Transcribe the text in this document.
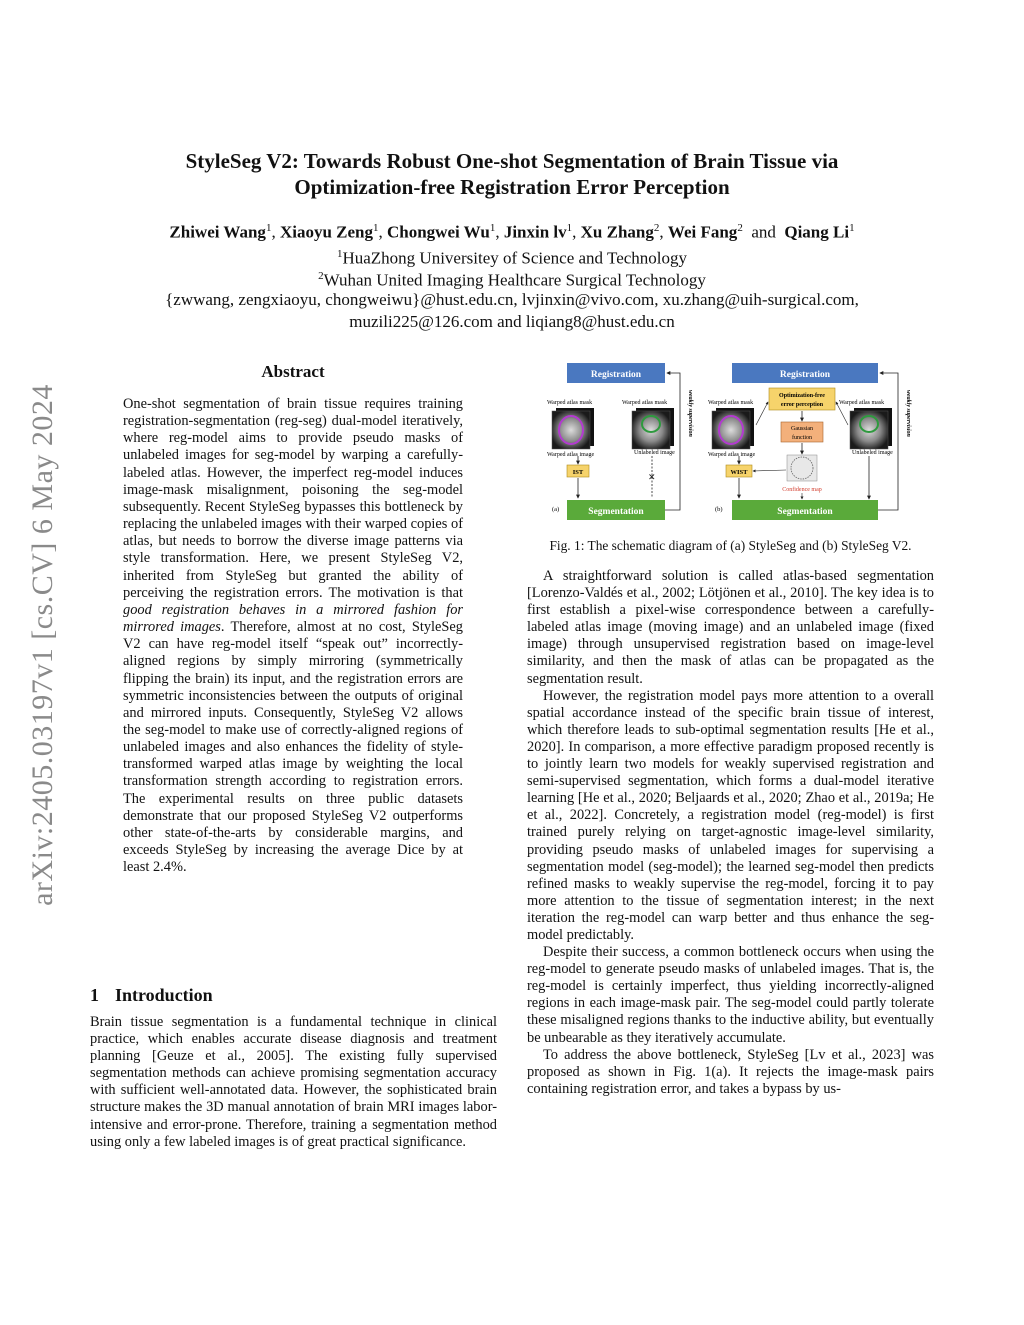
arXiv:2405.03197v1 [cs.CV] 6 May 2024
StyleSeg V2: Towards Robust One-shot Segmentation of Brain Tissue via
Optimization-free Registration Error Perception
Zhiwei Wang$^1$, Xiaoyu Zeng$^1$, Chongwei Wu$^1$, Jinxin $lv^1$, Xu Zhang$^2$, Wei Fang$^2$ and Qiang Li$^1$
$^1$HuaZhong Universitey of Science and Technology
$^2$Wuhan United Imaging Healthcare Surgical Technology
{zwwang, zengxiaoyu, chongweiwu}@hust.edu.cn, lvjinxin@vivo.com, xu.zhang@uih-surgical.com,
muzili225@126.com and liqiang8@hust.edu.cn
Abstract
One-shot segmentation of brain tissue requires training registration-segmentation (reg-seg) dual-model iteratively, where reg-model aims to provide pseudo masks of unlabeled images for seg-model by warping a carefully-labeled atlas. However, the imperfect reg-model induces image-mask misalignment, poisoning the seg-model subsequently. Recent StyleSeg bypasses this bottleneck by replacing the unlabeled images with their warped copies of atlas, but needs to borrow the diverse image patterns via style transformation. Here, we present StyleSeg V2, inherited from StyleSeg but granted the ability of perceiving the registration errors. The motivation is that good registration behaves in a mirrored fashion for mirrored images. Therefore, almost at no cost, StyleSeg V2 can have reg-model itself “speak out” incorrectly-aligned regions by simply mirroring (symmetrically flipping the brain) its input, and the registration errors are symmetric inconsistencies between the outputs of original and mirrored inputs. Consequently, StyleSeg V2 allows the seg-model to make use of correctly-aligned regions of unlabeled images and also enhances the fidelity of style-transformed warped atlas image by weighting the local transformation strength according to registration errors. The experimental results on three public datasets demonstrate that our proposed StyleSeg V2 outperforms other state-of-the-arts by considerable margins, and exceeds StyleSeg by increasing the average Dice by at least 2.4%.
1 Introduction

Brain tissue segmentation is a fundamental technique in clinical practice, which enables accurate disease diagnosis and treatment planning [Geuze et al., 2005]. The existing fully supervised segmentation methods can achieve promising segmentation accuracy with sufficient well-annotated data. However, the sophisticated brain structure makes the 3D manual annotation of brain MRI images labor-intensive and error-prone. Therefore, training a segmentation method using only a few labeled images is of great practical significance.

Registration
Warped atlas mask
Warped atlas image
Warped atlas mask
Unlabeled image
IST	✕
Segmentation
(a)
weakly supervision
Registration
Warped atlas mask
Warped atlas image
Optimization-free
error perception
Gaussian
function
Confidence map
Warped atlas mask
Unlabeled image
WIST
Segmentation
(b)
weakly supervision
Fig. 1: The schematic diagram of (a) StyleSeg and (b) StyleSeg V2.

A straightforward solution is called atlas-based segmentation [Lorenzo-Valdés et al., 2002; Lötjönen et al., 2010]. The key idea is to first establish a pixel-wise correspondence between a carefully-labeled atlas image (moving image) and an unlabeled image (fixed image) through unsupervised registration based on image-level similarity, and then the mask of atlas can be propagated as the segmentation result.

However, the registration model pays more attention to a overall spatial accordance instead of the specific brain tissue of interest, which therefore leads to sub-optimal segmentation results [He et al., 2020]. In comparison, a more effective paradigm proposed recently is to jointly learn two models for weakly supervised registration and semi-supervised segmentation, which forms a dual-model iterative learning [He et al., 2020; Beljaards et al., 2020; Zhao et al., 2019a; He et al., 2022]. Concretely, a registration model (reg-model) is first trained purely relying on target-agnostic image-level similarity, providing pseudo masks of unlabeled images for supervising a segmentation model (seg-model); the learned seg-model then predicts refined masks to weakly supervise the reg-model, forcing it to pay more attention to the tissue of segmentation interest; in the next iteration the reg-model can warp better and thus enhance the seg-model predictably.

Despite their success, a common bottleneck occurs when using the reg-model to generate pseudo masks of unlabeled images. That is, the reg-model is certainly imperfect, thus yielding incorrectly-aligned regions in each image-mask pair. The seg-model could partly tolerate these misaligned regions thanks to the inductive ability, but eventually be unbearable as they iteratively accumulate.

To address the above bottleneck, StyleSeg [Lv et al., 2023] was proposed as shown in Fig. 1(a). It rejects the image-mask pairs containing registration error, and takes a bypass by us-
